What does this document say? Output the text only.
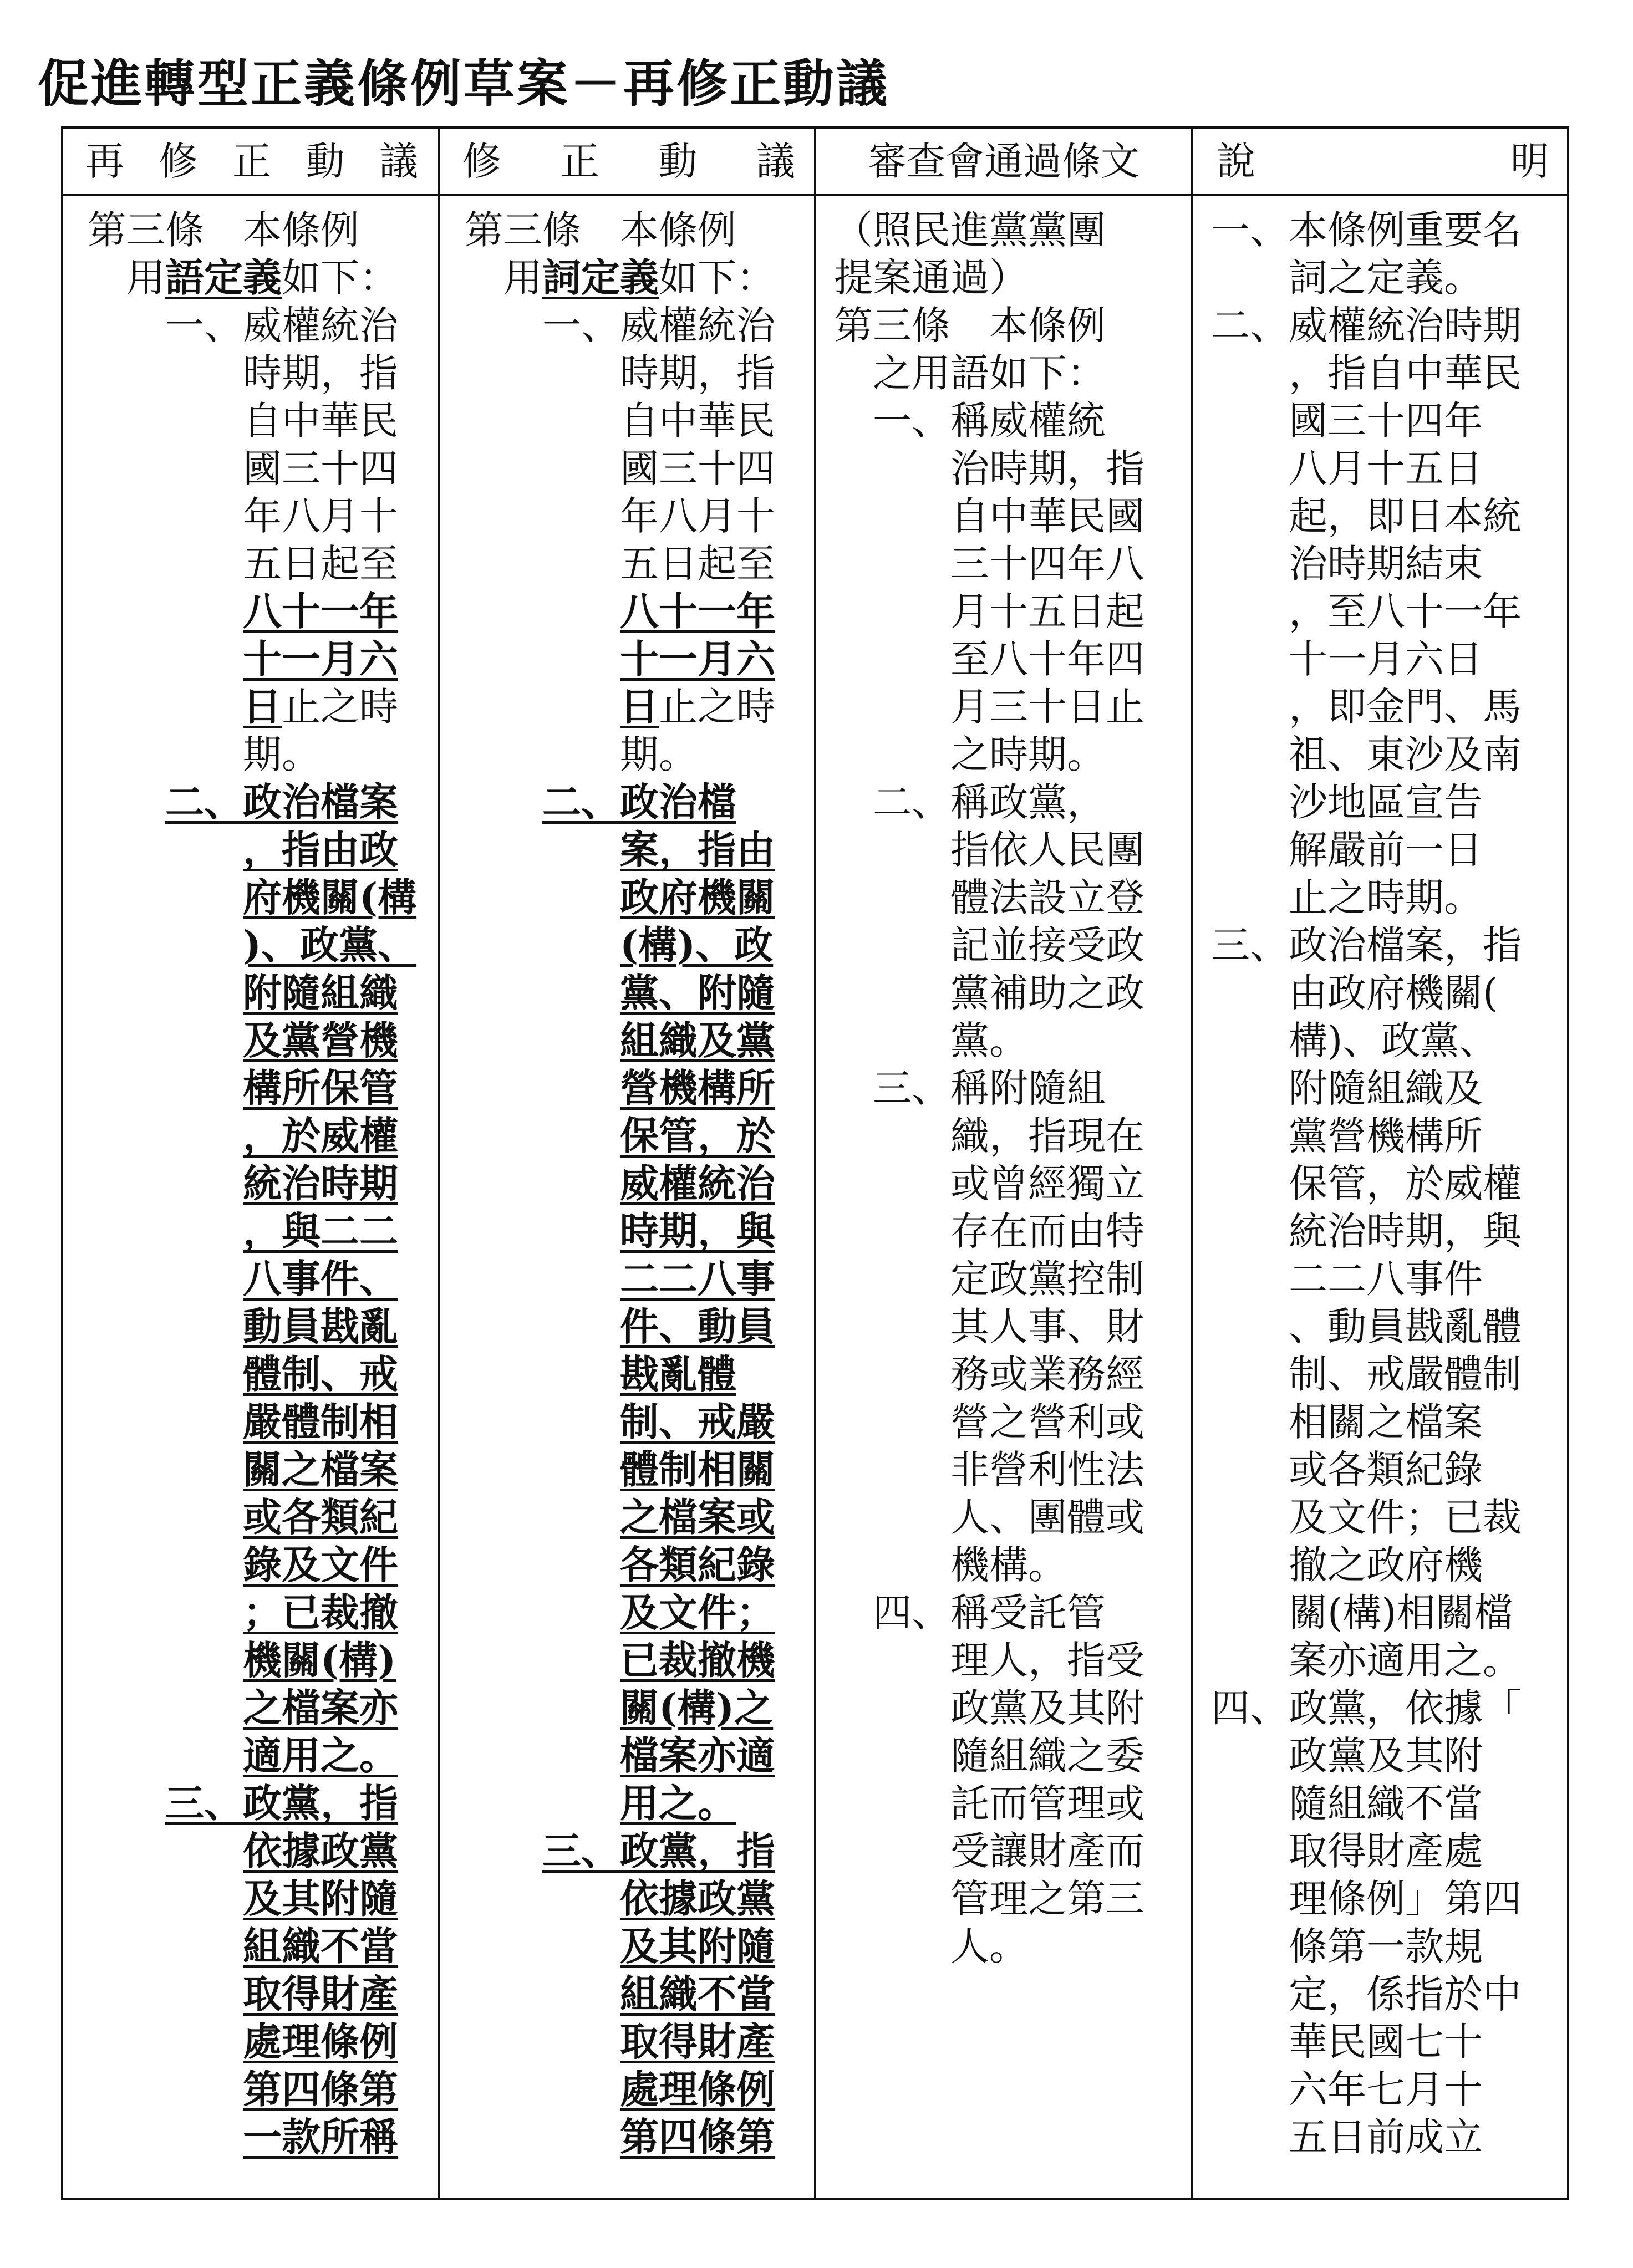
促進轉型正義條例草案－再修正動議
再 修 正 動 議 修 正 動 議 審查會通過條文 說	明
第三條　本條例
　用語定義如下：
　　一、威權統治
　　　　時期，指
　　　　自中華民
　　　　國三十四
　　　　年八月十
　　　　五日起至
　　　　八十一年
　　　　十一月六
　　　　日止之時
　　　　期。
　　二、政治檔案
　　　　，指由政
　　　　府機關(構
　　　　)、政黨、
　　　　附隨組織
　　　　及黨營機
　　　　構所保管
　　　　，於威權
　　　　統治時期
　　　　，與二二
　　　　八事件、
　　　　動員戡亂
　　　　體制、戒
　　　　嚴體制相
　　　　關之檔案
　　　　或各類紀
　　　　錄及文件
　　　　；已裁撤
　　　　機關(構)
　　　　之檔案亦
　　　　適用之。
　　三、政黨，指
　　　　依據政黨
　　　　及其附隨
　　　　組織不當
　　　　取得財產
　　　　處理條例
　　　　第四條第
　　　　一款所稱
第三條　本條例
　用詞定義如下：
　　一、威權統治
　　　　時期，指
　　　　自中華民
　　　　國三十四
　　　　年八月十
　　　　五日起至
　　　　八十一年
　　　　十一月六
　　　　日止之時
　　　　期。
　　二、政治檔
　　　　案，指由
　　　　政府機關
　　　　(構)、政
　　　　黨、附隨
　　　　組織及黨
　　　　營機構所
　　　　保管，於
　　　　威權統治
　　　　時期，與
　　　　二二八事
　　　　件、動員
　　　　戡亂體
　　　　制、戒嚴
　　　　體制相關
　　　　之檔案或
　　　　各類紀錄
　　　　及文件；
　　　　已裁撤機
　　　　關(構)之
　　　　檔案亦適
　　　　用之。
　　三、政黨，指
　　　　依據政黨
　　　　及其附隨
　　　　組織不當
　　　　取得財產
　　　　處理條例
　　　　第四條第
（照民進黨黨團
提案通過）
第三條　本條例
　之用語如下：
　一、稱威權統
　　　治時期，指
　　　自中華民國
　　　三十四年八
　　　月十五日起
　　　至八十年四
　　　月三十日止
　　　之時期。
　二、稱政黨，
　　　指依人民團
　　　體法設立登
　　　記並接受政
　　　黨補助之政
　　　黨。
　三、稱附隨組
　　　織，指現在
　　　或曾經獨立
　　　存在而由特
　　　定政黨控制
　　　其人事、財
　　　務或業務經
　　　營之營利或
　　　非營利性法
　　　人、團體或
　　　機構。
　四、稱受託管
　　　理人，指受
　　　政黨及其附
　　　隨組織之委
　　　託而管理或
　　　受讓財產而
　　　管理之第三
　　　人。
一、本條例重要名
　　詞之定義。
二、威權統治時期
　　，指自中華民
　　國三十四年
　　八月十五日
　　起，即日本統
　　治時期結束
　　，至八十一年
　　十一月六日
　　，即金門、馬
　　祖、東沙及南
　　沙地區宣告
　　解嚴前一日
　　止之時期。
三、政治檔案，指
　　由政府機關(
　　構)、政黨、
　　附隨組織及
　　黨營機構所
　　保管，於威權
　　統治時期，與
　　二二八事件
　　、動員戡亂體
　　制、戒嚴體制
　　相關之檔案
　　或各類紀錄
　　及文件；已裁
　　撤之政府機
　　關(構)相關檔
　　案亦適用之。
四、政黨，依據「
　　政黨及其附
　　隨組織不當
　　取得財產處
　　理條例」第四
　　條第一款規
　　定，係指於中
　　華民國七十
　　六年七月十
　　五日前成立
